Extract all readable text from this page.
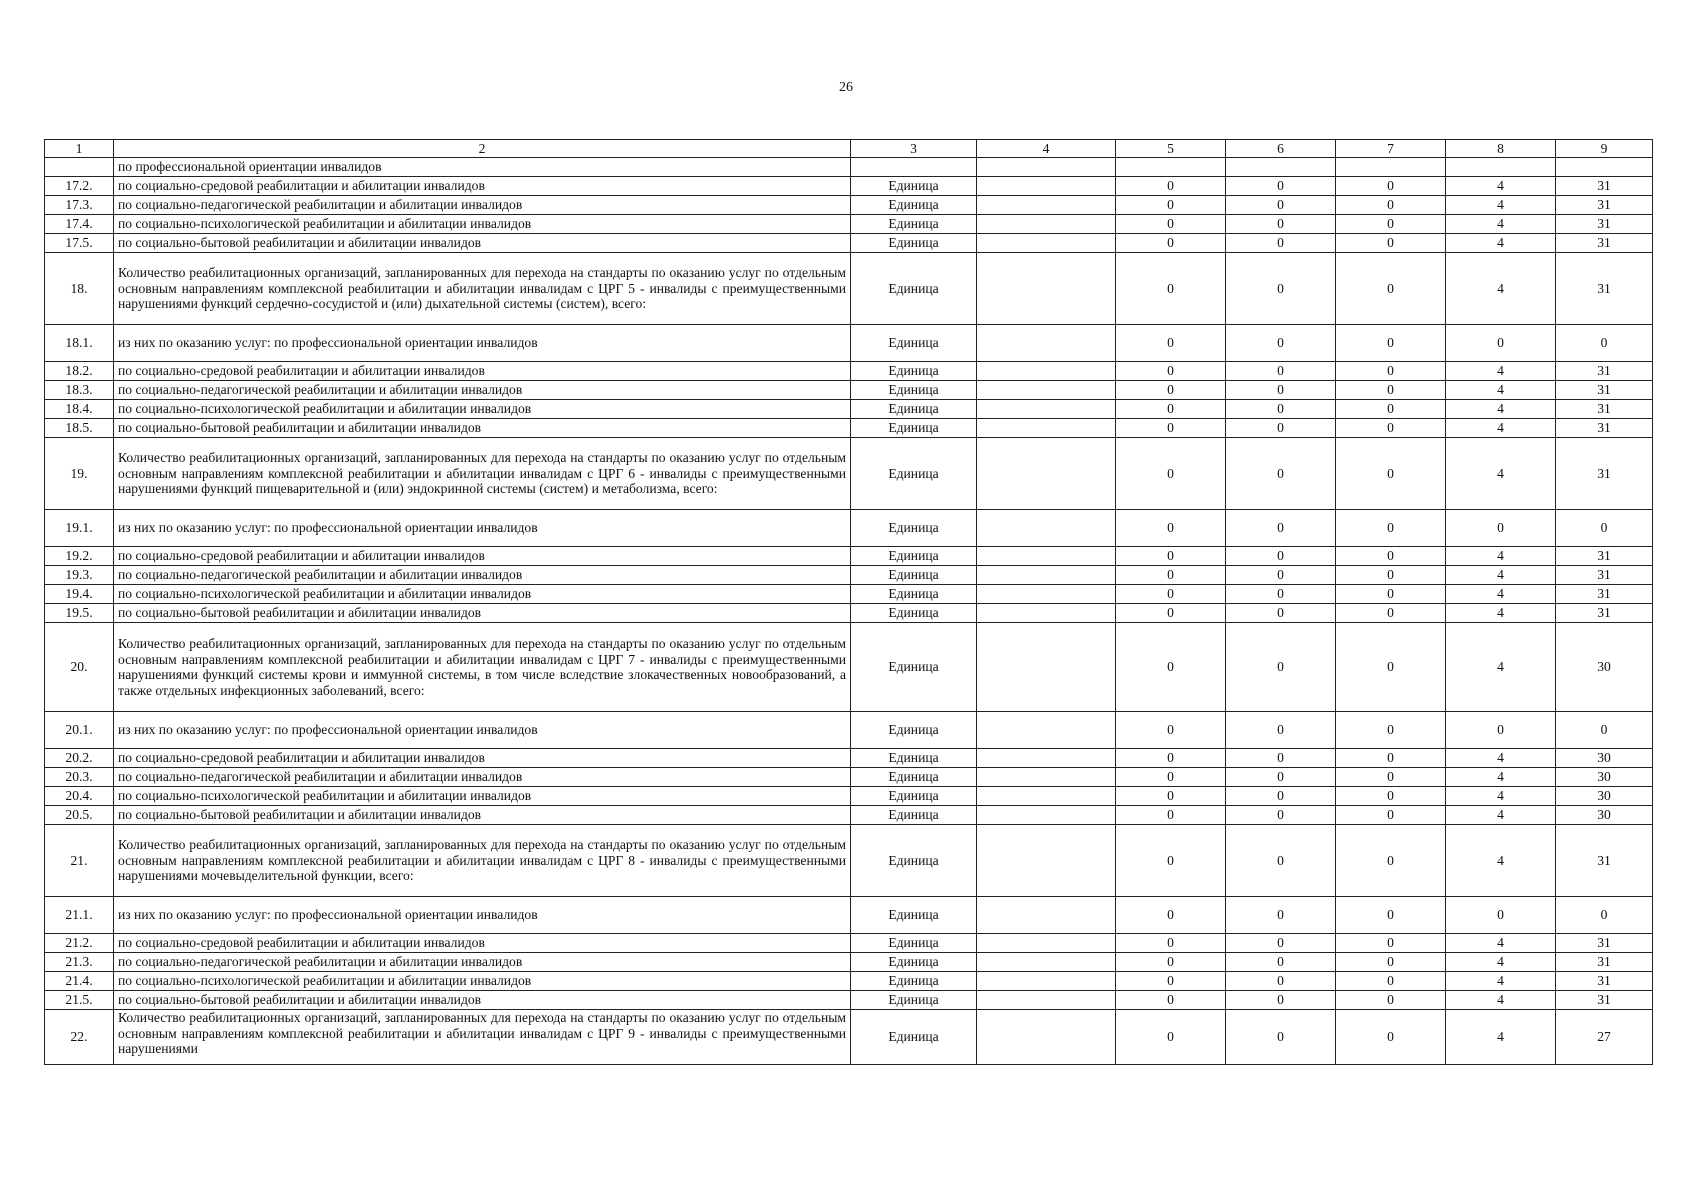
26
1	2	3	4	5	6	7	8	9
	по профессиональной ориентации инвалидов							
17.2.	по социально-средовой реабилитации и абилитации инвалидов	Единица		0	0	0	4	31
17.3.	по социально-педагогической реабилитации и абилитации инвалидов	Единица		0	0	0	4	31
17.4.	по социально-психологической реабилитации и абилитации инвалидов	Единица		0	0	0	4	31
17.5.	по социально-бытовой реабилитации и абилитации инвалидов	Единица		0	0	0	4	31
18.	Количество реабилитационных организаций, запланированных для перехода на стандарты по оказанию услуг по отдельным основным направлениям комплексной реабилитации и абилитации инвалидам с ЦРГ 5 - инвалиды с преимущественными нарушениями функций сердечно-сосудистой и (или) дыхательной системы (систем), всего:	Единица		0	0	0	4	31
18.1.	из них по оказанию услуг: по профессиональной ориентации инвалидов	Единица		0	0	0	0	0
18.2.	по социально-средовой реабилитации и абилитации инвалидов	Единица		0	0	0	4	31
18.3.	по социально-педагогической реабилитации и абилитации инвалидов	Единица		0	0	0	4	31
18.4.	по социально-психологической реабилитации и абилитации инвалидов	Единица		0	0	0	4	31
18.5.	по социально-бытовой реабилитации и абилитации инвалидов	Единица		0	0	0	4	31
19.	Количество реабилитационных организаций, запланированных для перехода на стандарты по оказанию услуг по отдельным основным направлениям комплексной реабилитации и абилитации инвалидам с ЦРГ 6 - инвалиды с преимущественными нарушениями функций пищеварительной и (или) эндокринной системы (систем) и метаболизма, всего:	Единица		0	0	0	4	31
19.1.	из них по оказанию услуг: по профессиональной ориентации инвалидов	Единица		0	0	0	0	0
19.2.	по социально-средовой реабилитации и абилитации инвалидов	Единица		0	0	0	4	31
19.3.	по социально-педагогической реабилитации и абилитации инвалидов	Единица		0	0	0	4	31
19.4.	по социально-психологической реабилитации и абилитации инвалидов	Единица		0	0	0	4	31
19.5.	по социально-бытовой реабилитации и абилитации инвалидов	Единица		0	0	0	4	31
20.	Количество реабилитационных организаций, запланированных для перехода на стандарты по оказанию услуг по отдельным основным направлениям комплексной реабилитации и абилитации инвалидам с ЦРГ 7 - инвалиды с преимущественными нарушениями функций системы крови и иммунной системы, в том числе вследствие злокачественных новообразований, а также отдельных инфекционных заболеваний, всего:	Единица		0	0	0	4	30
20.1.	из них по оказанию услуг: по профессиональной ориентации инвалидов	Единица		0	0	0	0	0
20.2.	по социально-средовой реабилитации и абилитации инвалидов	Единица		0	0	0	4	30
20.3.	по социально-педагогической реабилитации и абилитации инвалидов	Единица		0	0	0	4	30
20.4.	по социально-психологической реабилитации и абилитации инвалидов	Единица		0	0	0	4	30
20.5.	по социально-бытовой реабилитации и абилитации инвалидов	Единица		0	0	0	4	30
21.	Количество реабилитационных организаций, запланированных для перехода на стандарты по оказанию услуг по отдельным основным направлениям комплексной реабилитации и абилитации инвалидам с ЦРГ 8 - инвалиды с преимущественными нарушениями мочевыделительной функции, всего:	Единица		0	0	0	4	31
21.1.	из них по оказанию услуг: по профессиональной ориентации инвалидов	Единица		0	0	0	0	0
21.2.	по социально-средовой реабилитации и абилитации инвалидов	Единица		0	0	0	4	31
21.3.	по социально-педагогической реабилитации и абилитации инвалидов	Единица		0	0	0	4	31
21.4.	по социально-психологической реабилитации и абилитации инвалидов	Единица		0	0	0	4	31
21.5.	по социально-бытовой реабилитации и абилитации инвалидов	Единица		0	0	0	4	31
22.	Количество реабилитационных организаций, запланированных для перехода на стандарты по оказанию услуг по отдельным основным направлениям комплексной реабилитации и абилитации инвалидам с ЦРГ 9 - инвалиды с преимущественными нарушениями	Единица		0	0	0	4	27
